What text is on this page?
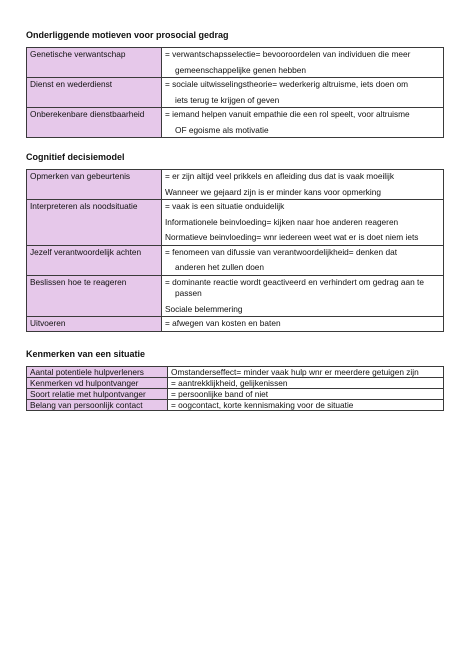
Onderliggende motieven voor prosocial gedrag
Genetische verwantschap	= verwantschapsselectie= bevooroordelen van individuen die meer
gemeenschappelijke genen hebben

Dienst en wederdienst	= sociale uitwisselingstheorie= wederkerig altruisme, iets doen om
iets terug te krijgen of geven

Onberekenbare dienstbaarheid	= iemand helpen vanuit empathie die een rol speelt, voor altruisme
OF egoisme als motivatie
Cognitief decisiemodel
Opmerken van gebeurtenis	= er zijn altijd veel prikkels en afleiding dus dat is vaak moeilijk
Wanneer we gejaard zijn is er minder kans voor opmerking

Interpreteren als noodsituatie	= vaak is een situatie onduidelijk
Informationele beinvloeding= kijken naar hoe anderen reageren
Normatieve beinvloeding= wnr iedereen weet wat er is doet niem iets

Jezelf verantwoordelijk achten	= fenomeen van difussie van verantwoordelijkheid= denken dat
anderen het zullen doen

Beslissen hoe te reageren	= dominante reactie wordt geactiveerd en verhindert om gedrag aan te
passen
Sociale belemmering

Uitvoeren	= afwegen van kosten en baten
Kenmerken van een situatie
Aantal potentiele hulpverleners	Omstanderseffect= minder vaak hulp wnr er meerdere getuigen zijn

Kenmerken vd hulpontvanger	= aantrekklijkheid, gelijkenissen

Soort relatie met hulpontvanger	= persoonlijke band of niet

Belang van persoonlijk contact	= oogcontact, korte kennismaking voor de situatie
